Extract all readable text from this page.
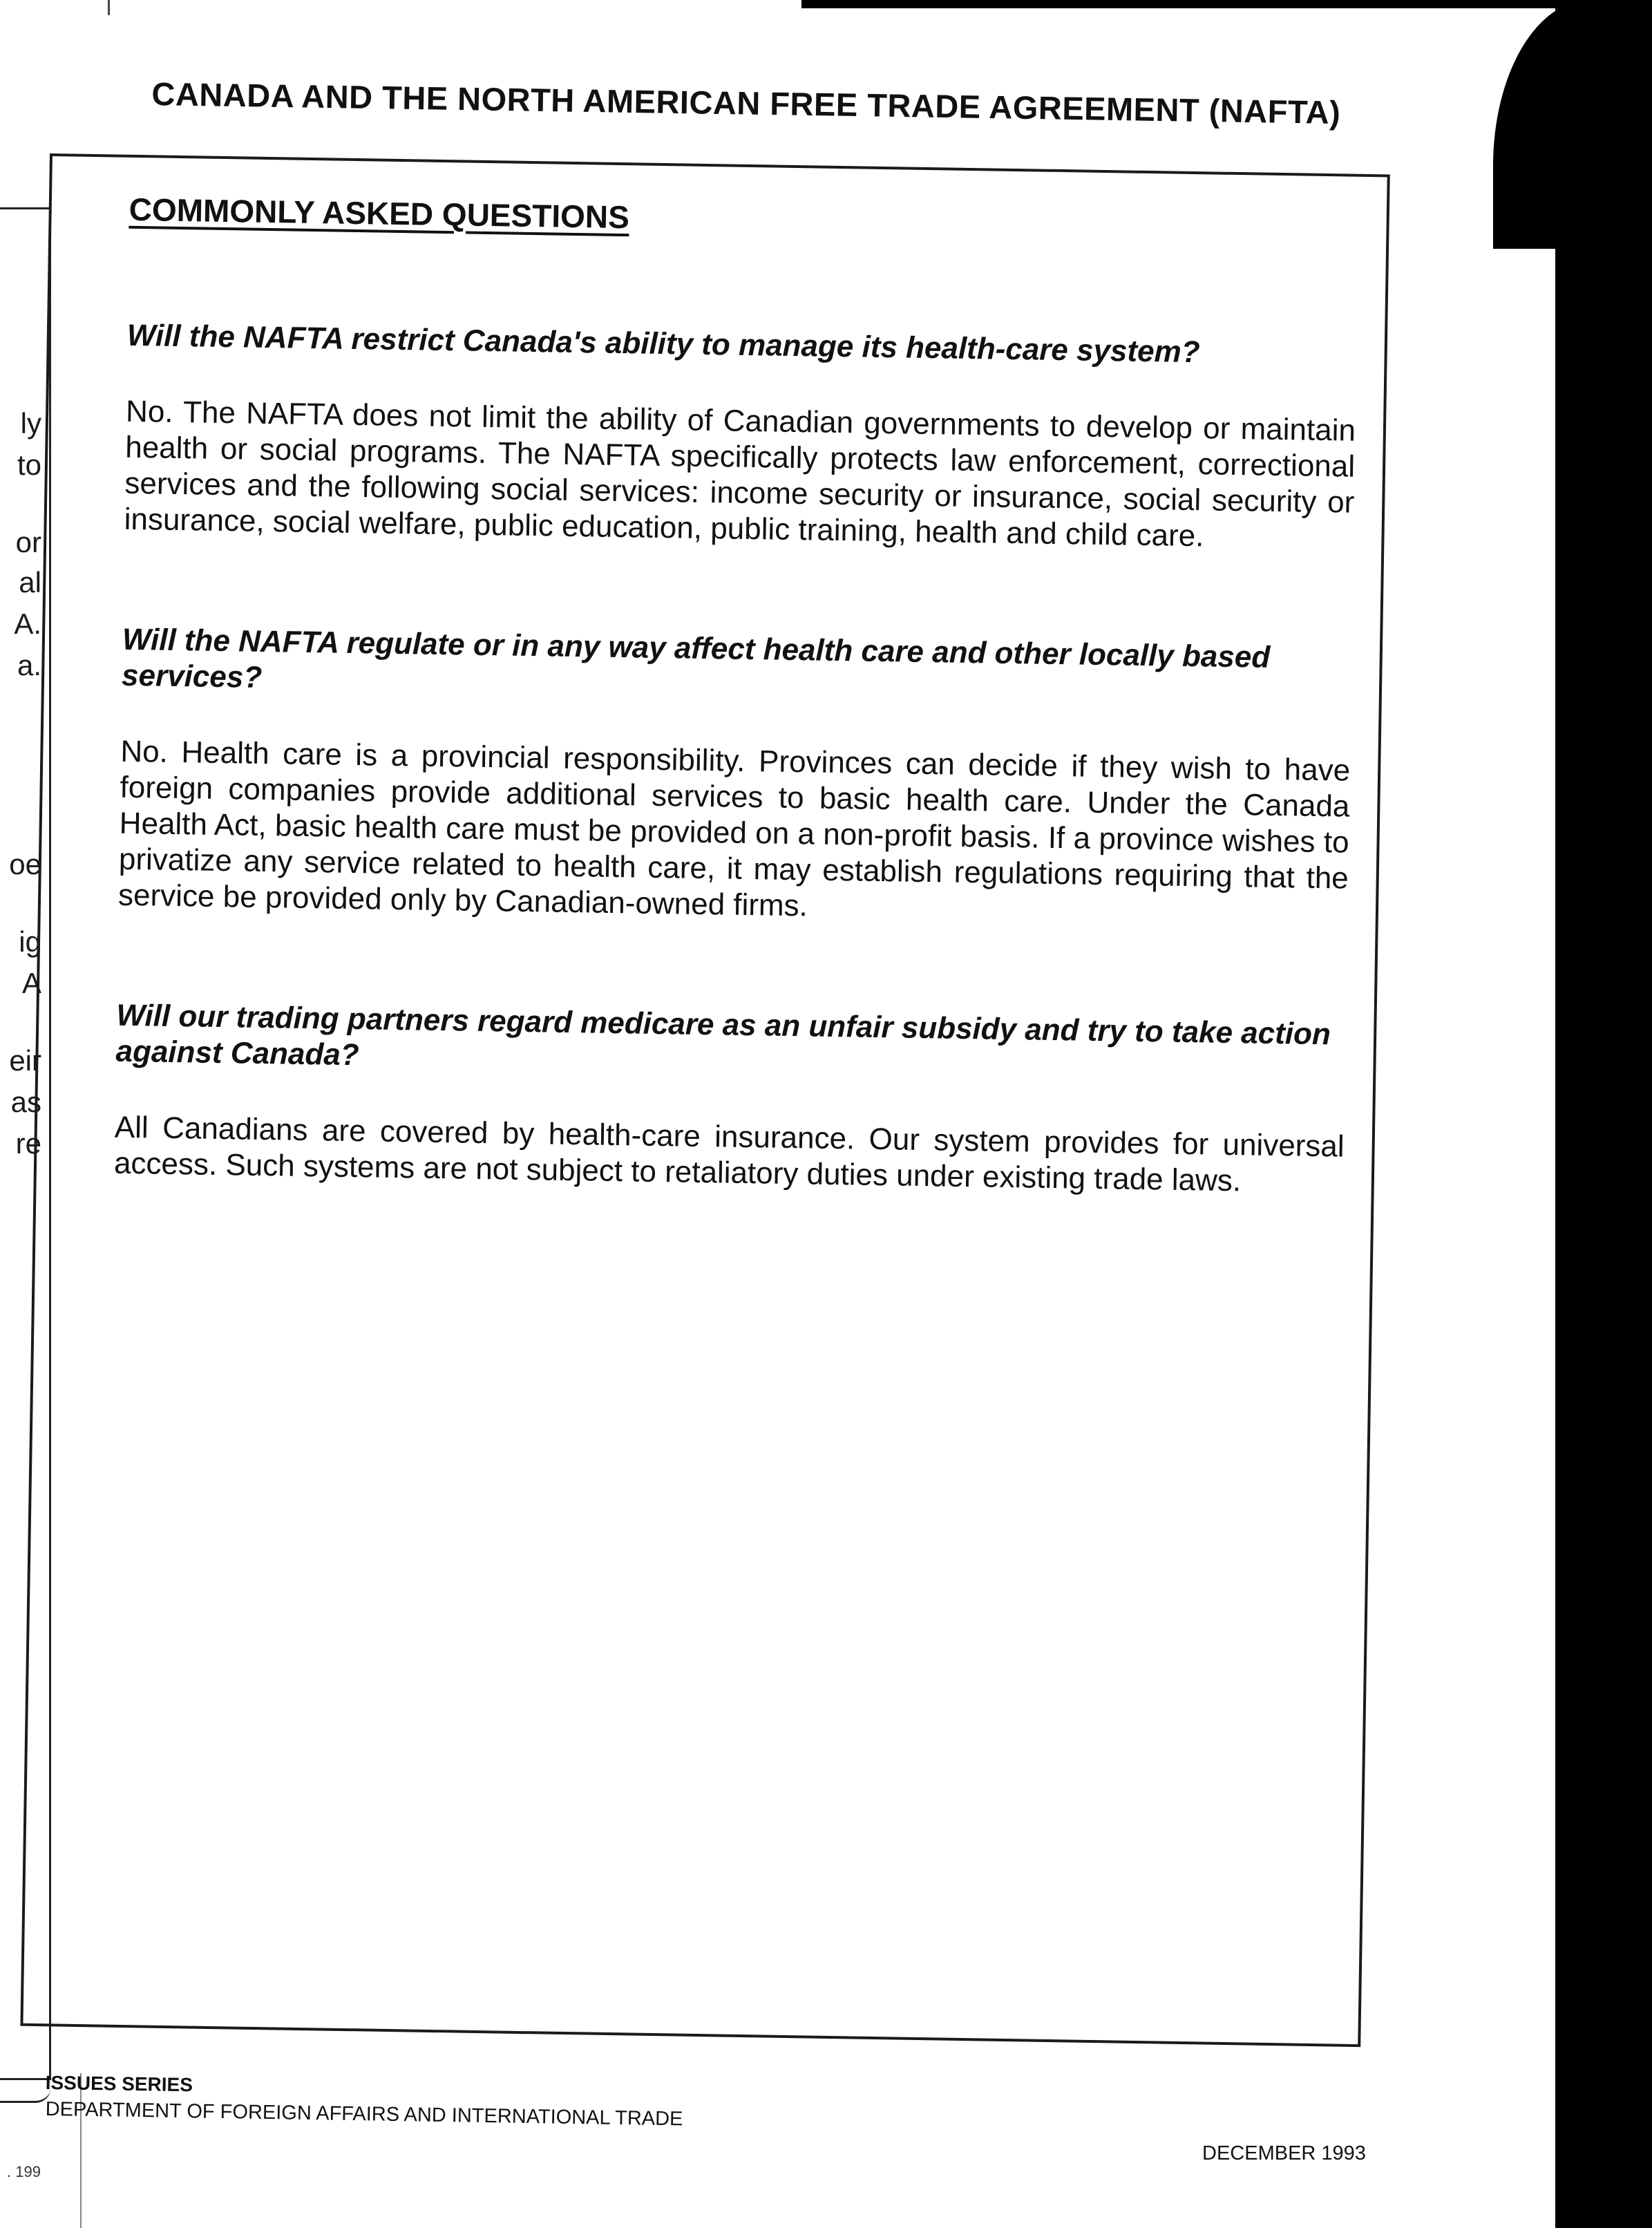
ly
to
or
al
A.
a.
oe
ig
A
eir
as
re
. 199
CANADA AND THE NORTH AMERICAN FREE TRADE AGREEMENT (NAFTA)
COMMONLY ASKED QUESTIONS
Will the NAFTA restrict Canada's ability to manage its health-care system?
No. The NAFTA does not limit the ability of Canadian governments to develop or maintain health or social programs. The NAFTA specifically protects law enforcement, correctional services and the following social services: income security or insurance, social security or insurance, social welfare, public education, public training, health and child care.
Will the NAFTA regulate or in any way affect health care and other locally based services?
No. Health care is a provincial responsibility. Provinces can decide if they wish to have foreign companies provide additional services to basic health care. Under the Canada Health Act, basic health care must be provided on a non-profit basis. If a province wishes to privatize any service related to health care, it may establish regulations requiring that the service be provided only by Canadian-owned firms.
Will our trading partners regard medicare as an unfair subsidy and try to take action against Canada?
All Canadians are covered by health-care insurance. Our system provides for universal access. Such systems are not subject to retaliatory duties under existing trade laws.
ISSUES SERIES
DEPARTMENT OF FOREIGN AFFAIRS AND INTERNATIONAL TRADE
DECEMBER 1993
